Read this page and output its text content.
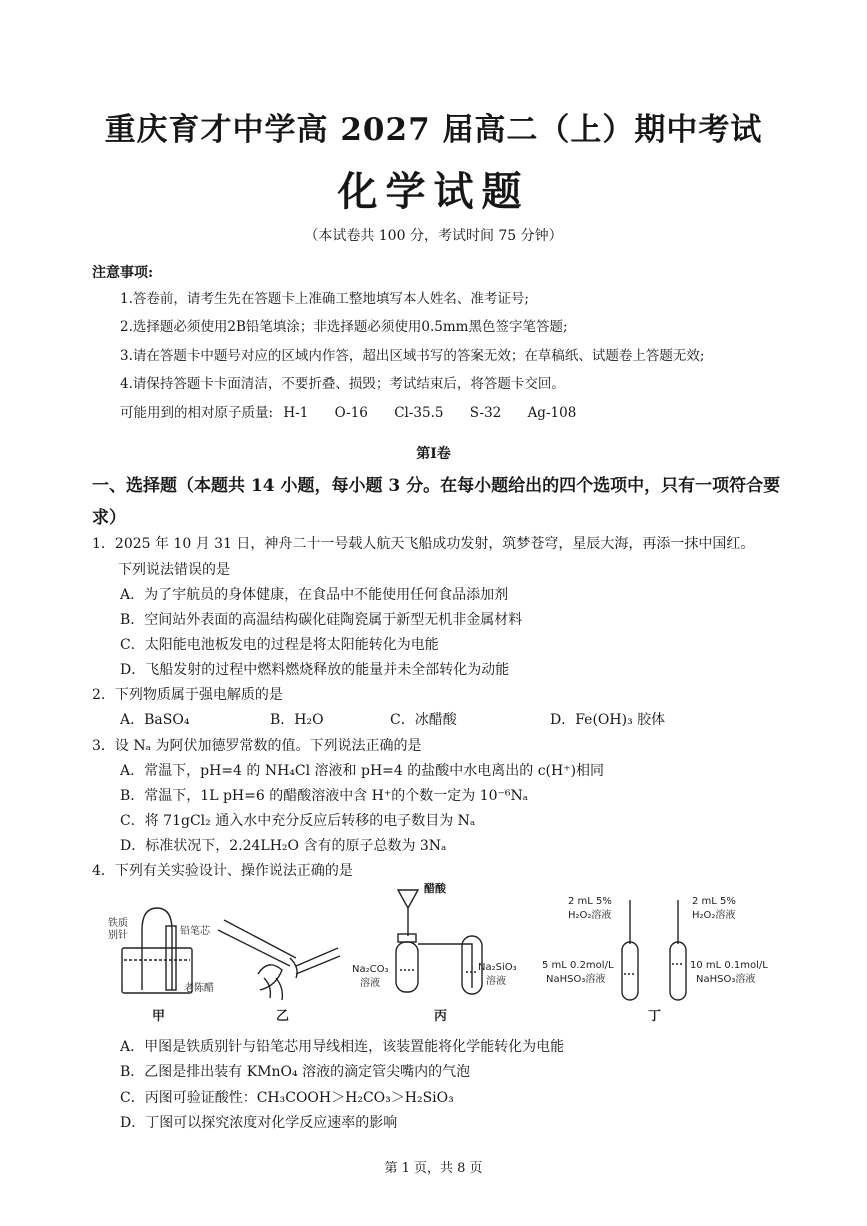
重庆育才中学高 2027 届高二（上）期中考试
化学试题
（本试卷共 100 分，考试时间 75 分钟）
注意事项:
1.答卷前，请考生先在答题卡上准确工整地填写本人姓名、准考证号;
2.选择题必须使用2B铅笔填涂；非选择题必须使用0.5mm黑色签字笔答题;
3.请在答题卡中题号对应的区域内作答，超出区域书写的答案无效；在草稿纸、试题卷上答题无效;
4.请保持答题卡卡面清洁，不要折叠、损毁；考试结束后，将答题卡交回。
可能用到的相对原子质量: H-1 O-16 Cl-35.5 S-32 Ag-108
第I卷
一、选择题（本题共 14 小题，每小题 3 分。在每小题给出的四个选项中，只有一项符合要求）
1．2025 年 10 月 31 日，神舟二十一号载人航天飞船成功发射，筑梦苍穹，星辰大海，再添一抹中国红。
下列说法错误的是
A．为了宇航员的身体健康，在食品中不能使用任何食品添加剂
B．空间站外表面的高温结构碳化硅陶瓷属于新型无机非金属材料
C．太阳能电池板发电的过程是将太阳能转化为电能
D．飞船发射的过程中燃料燃烧释放的能量并未全部转化为动能
2．下列物质属于强电解质的是
A．BaSO₄	B．H₂O	C．冰醋酸	D．Fe(OH)₃ 胶体
3．设 Nₐ 为阿伏加德罗常数的值。下列说法正确的是
A．常温下，pH=4 的 NH₄Cl 溶液和 pH=4 的盐酸中水电离出的 c(H⁺)相同
B．常温下，1L pH=6 的醋酸溶液中含 H⁺的个数一定为 10⁻⁶Nₐ
C．将 71gCl₂ 通入水中充分反应后转移的电子数目为 Nₐ
D．标准状况下，2.24LH₂O 含有的原子总数为 3Nₐ
4．下列有关实验设计、操作说法正确的是
铁质
别针	铅笔芯
老陈醋
甲	乙
醋酸
Na₂CO₃
溶液
Na₂SiO₃
溶液
丙
2 mL 5%
H₂O₂溶液
2 mL 5%
H₂O₂溶液
5 mL 0.2mol/L
NaHSO₃溶液
10 mL 0.1mol/L
NaHSO₃溶液
丁
A．甲图是铁质别针与铅笔芯用导线相连，该装置能将化学能转化为电能
B．乙图是排出装有 KMnO₄ 溶液的滴定管尖嘴内的气泡
C．丙图可验证酸性：CH₃COOH＞H₂CO₃＞H₂SiO₃
D．丁图可以探究浓度对化学反应速率的影响
第 1 页，共 8 页
